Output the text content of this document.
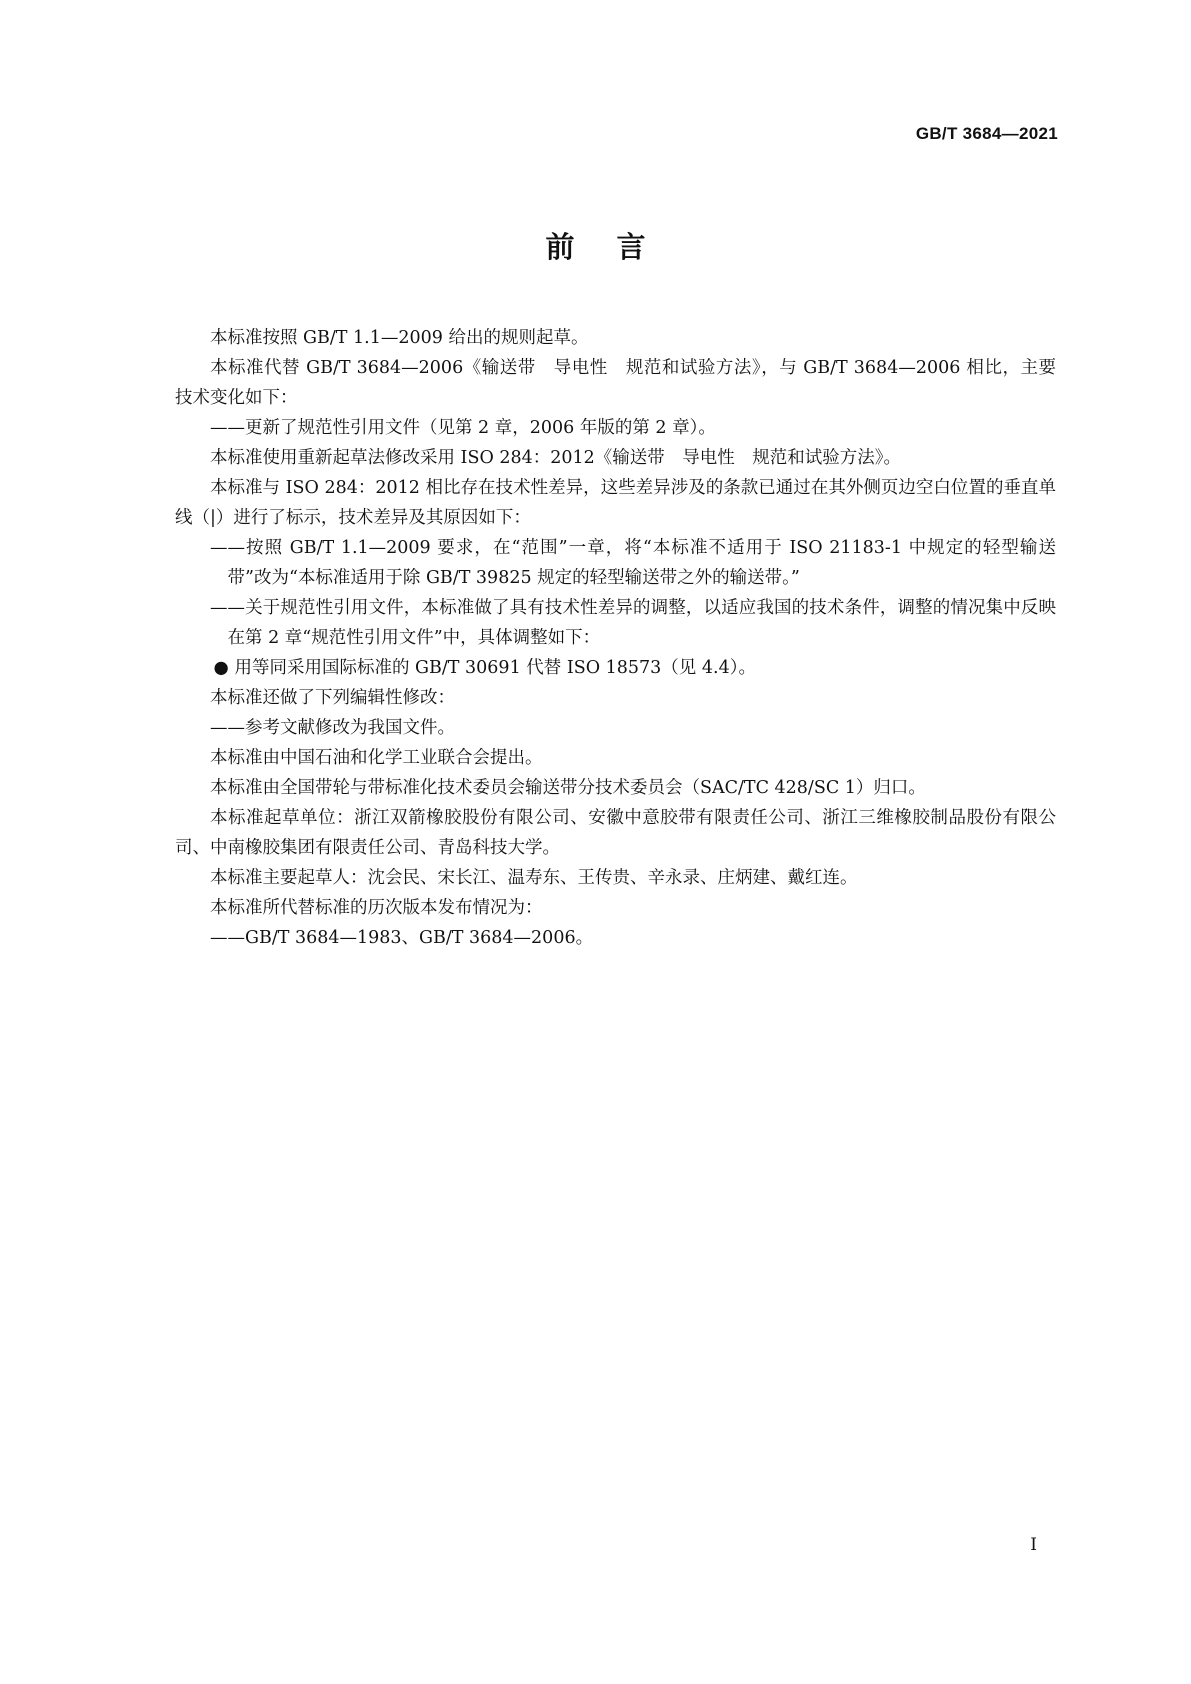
GB/T 3684—2021
前言

本标准按照 GB/T 1.1—2009 给出的规则起草。

本标准代替 GB/T 3684—2006《输送带　导电性　规范和试验方法》，与 GB/T 3684—2006 相比，主要技术变化如下：

——更新了规范性引用文件（见第 2 章，2006 年版的第 2 章）。

本标准使用重新起草法修改采用 ISO 284：2012《输送带　导电性　规范和试验方法》。

本标准与 ISO 284：2012 相比存在技术性差异，这些差异涉及的条款已通过在其外侧页边空白位置的垂直单线（|）进行了标示，技术差异及其原因如下：

——按照 GB/T 1.1—2009 要求，在“范围”一章，将“本标准不适用于 ISO 21183-1 中规定的轻型输送带”改为“本标准适用于除 GB/T 39825 规定的轻型输送带之外的输送带。”

——关于规范性引用文件，本标准做了具有技术性差异的调整，以适应我国的技术条件，调整的情况集中反映在第 2 章“规范性引用文件”中，具体调整如下：

● 用等同采用国际标准的 GB/T 30691 代替 ISO 18573（见 4.4）。

本标准还做了下列编辑性修改：

——参考文献修改为我国文件。

本标准由中国石油和化学工业联合会提出。

本标准由全国带轮与带标准化技术委员会输送带分技术委员会（SAC/TC 428/SC 1）归口。

本标准起草单位：浙江双箭橡胶股份有限公司、安徽中意胶带有限责任公司、浙江三维橡胶制品股份有限公司、中南橡胶集团有限责任公司、青岛科技大学。

本标准主要起草人：沈会民、宋长江、温寿东、王传贵、辛永录、庄炳建、戴红连。

本标准所代替标准的历次版本发布情况为：

——GB/T 3684—1983、GB/T 3684—2006。

I
